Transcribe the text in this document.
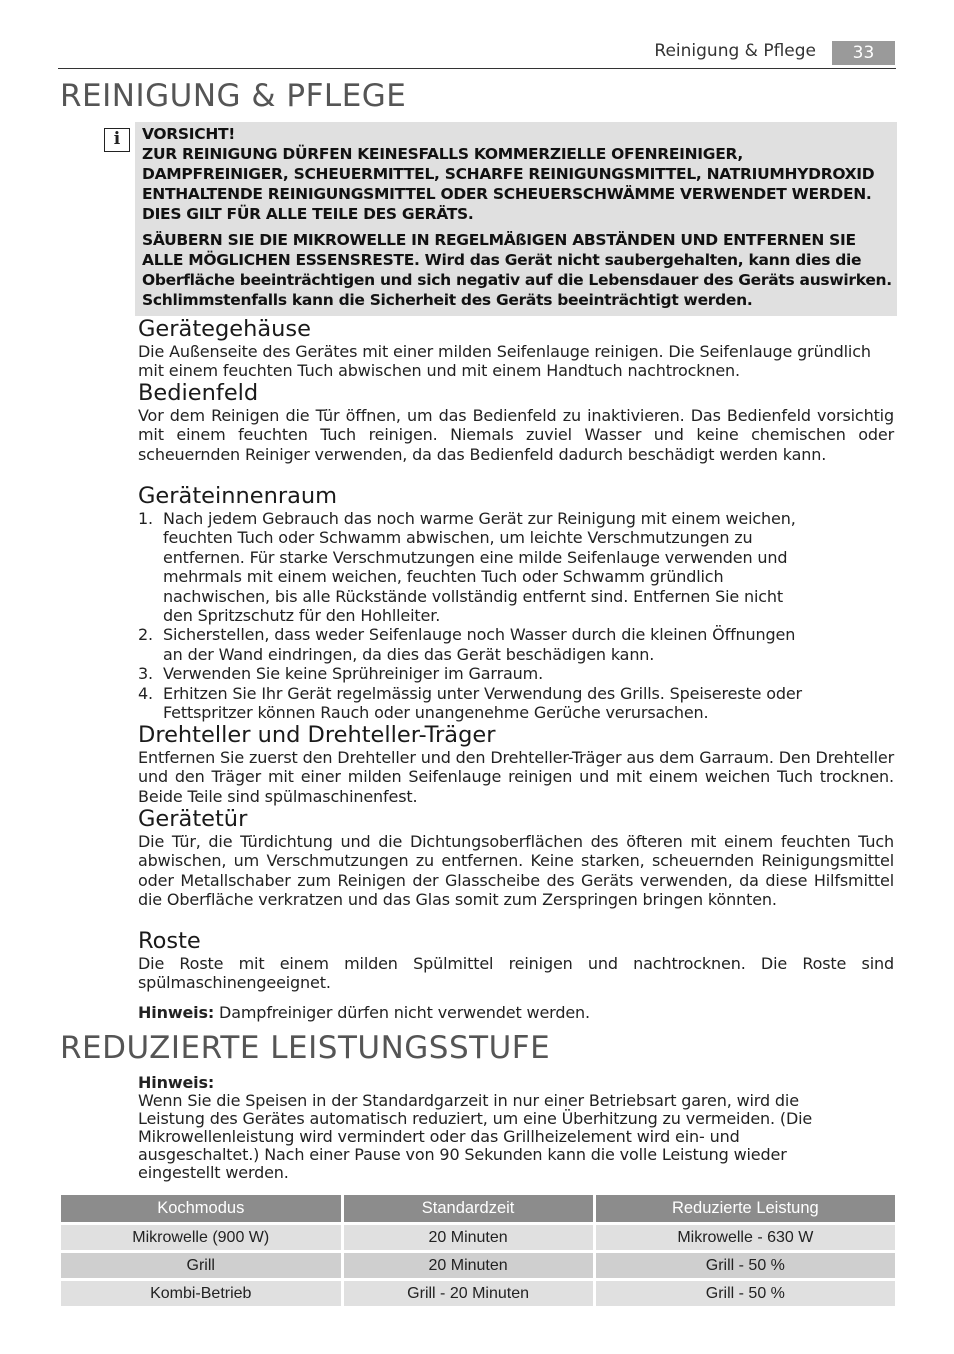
Reinigung & Pflege	33
REINIGUNG & PFLEGE
i	VORSICHT!
ZUR REINIGUNG DÜRFEN KEINESFALLS KOMMERZIELLE OFENREINIGER, DAMPFREINIGER, SCHEUERMITTEL, SCHARFE REINIGUNGSMITTEL, NATRIUMHYDROXID ENTHALTENDE REINIGUNGSMITTEL ODER SCHEUERSCHWÄMME VERWENDET WERDEN. DIES GILT FÜR ALLE TEILE DES GERÄTS.
SÄUBERN SIE DIE MIKROWELLE IN REGELMÄßIGEN ABSTÄNDEN UND ENTFERNEN SIE ALLE MÖGLICHEN ESSENSRESTE. Wird das Gerät nicht saubergehalten, kann dies die Oberfläche beeinträchtigen und sich negativ auf die Lebensdauer des Geräts auswirken. Schlimmstenfalls kann die Sicherheit des Geräts beeinträchtigt werden.
Gerätegehäuse
Die Außenseite des Gerätes mit einer milden Seifenlauge reinigen. Die Seifenlauge gründlich mit einem feuchten Tuch abwischen und mit einem Handtuch nachtrocknen.
Bedienfeld
Vor dem Reinigen die Tür öffnen, um das Bedienfeld zu inaktivieren. Das Bedienfeld vorsichtig mit einem feuchten Tuch reinigen. Niemals zuviel Wasser und keine chemischen oder scheuernden Reiniger verwenden, da das Bedienfeld dadurch beschädigt werden kann.
Geräteinnenraum
1. Nach jedem Gebrauch das noch warme Gerät zur Reinigung mit einem weichen, feuchten Tuch oder Schwamm abwischen, um leichte Verschmutzungen zu entfernen. Für starke Verschmutzungen eine milde Seifenlauge verwenden und mehrmals mit einem weichen, feuchten Tuch oder Schwamm gründlich nachwischen, bis alle Rückstände vollständig entfernt sind. Entfernen Sie nicht den Spritzschutz für den Hohlleiter.
2. Sicherstellen, dass weder Seifenlauge noch Wasser durch die kleinen Öffnungen an der Wand eindringen, da dies das Gerät beschädigen kann.
3. Verwenden Sie keine Sprühreiniger im Garraum.
4. Erhitzen Sie Ihr Gerät regelmässig unter Verwendung des Grills. Speisereste oder Fettspritzer können Rauch oder unangenehme Gerüche verursachen.
Drehteller und Drehteller-Träger
Entfernen Sie zuerst den Drehteller und den Drehteller-Träger aus dem Garraum. Den Drehteller und den Träger mit einer milden Seifenlauge reinigen und mit einem weichen Tuch trocknen. Beide Teile sind spülmaschinenfest.
Gerätetür
Die Tür, die Türdichtung und die Dichtungsoberflächen des öfteren mit einem feuchten Tuch abwischen, um Verschmutzungen zu entfernen. Keine starken, scheuernden Reinigungsmittel oder Metallschaber zum Reinigen der Glasscheibe des Geräts verwenden, da diese Hilfsmittel die Oberfläche verkratzen und das Glas somit zum Zerspringen bringen könnten.
Roste
Die Roste mit einem milden Spülmittel reinigen und nachtrocknen. Die Roste sind spülmaschinengeeignet.
Hinweis: Dampfreiniger dürfen nicht verwendet werden.
REDUZIERTE LEISTUNGSSTUFE
Hinweis:
Wenn Sie die Speisen in der Standardgarzeit in nur einer Betriebsart garen, wird die Leistung des Gerätes automatisch reduziert, um eine Überhitzung zu vermeiden. (Die Mikrowellenleistung wird vermindert oder das Grillheizelement wird ein- und ausgeschaltet.) Nach einer Pause von 90 Sekunden kann die volle Leistung wieder eingestellt werden.
Kochmodus	Standardzeit	Reduzierte Leistung
Mikrowelle (900 W)	20 Minuten	Mikrowelle - 630 W
Grill	20 Minuten	Grill - 50 %
Kombi-Betrieb	Grill - 20 Minuten	Grill - 50 %
